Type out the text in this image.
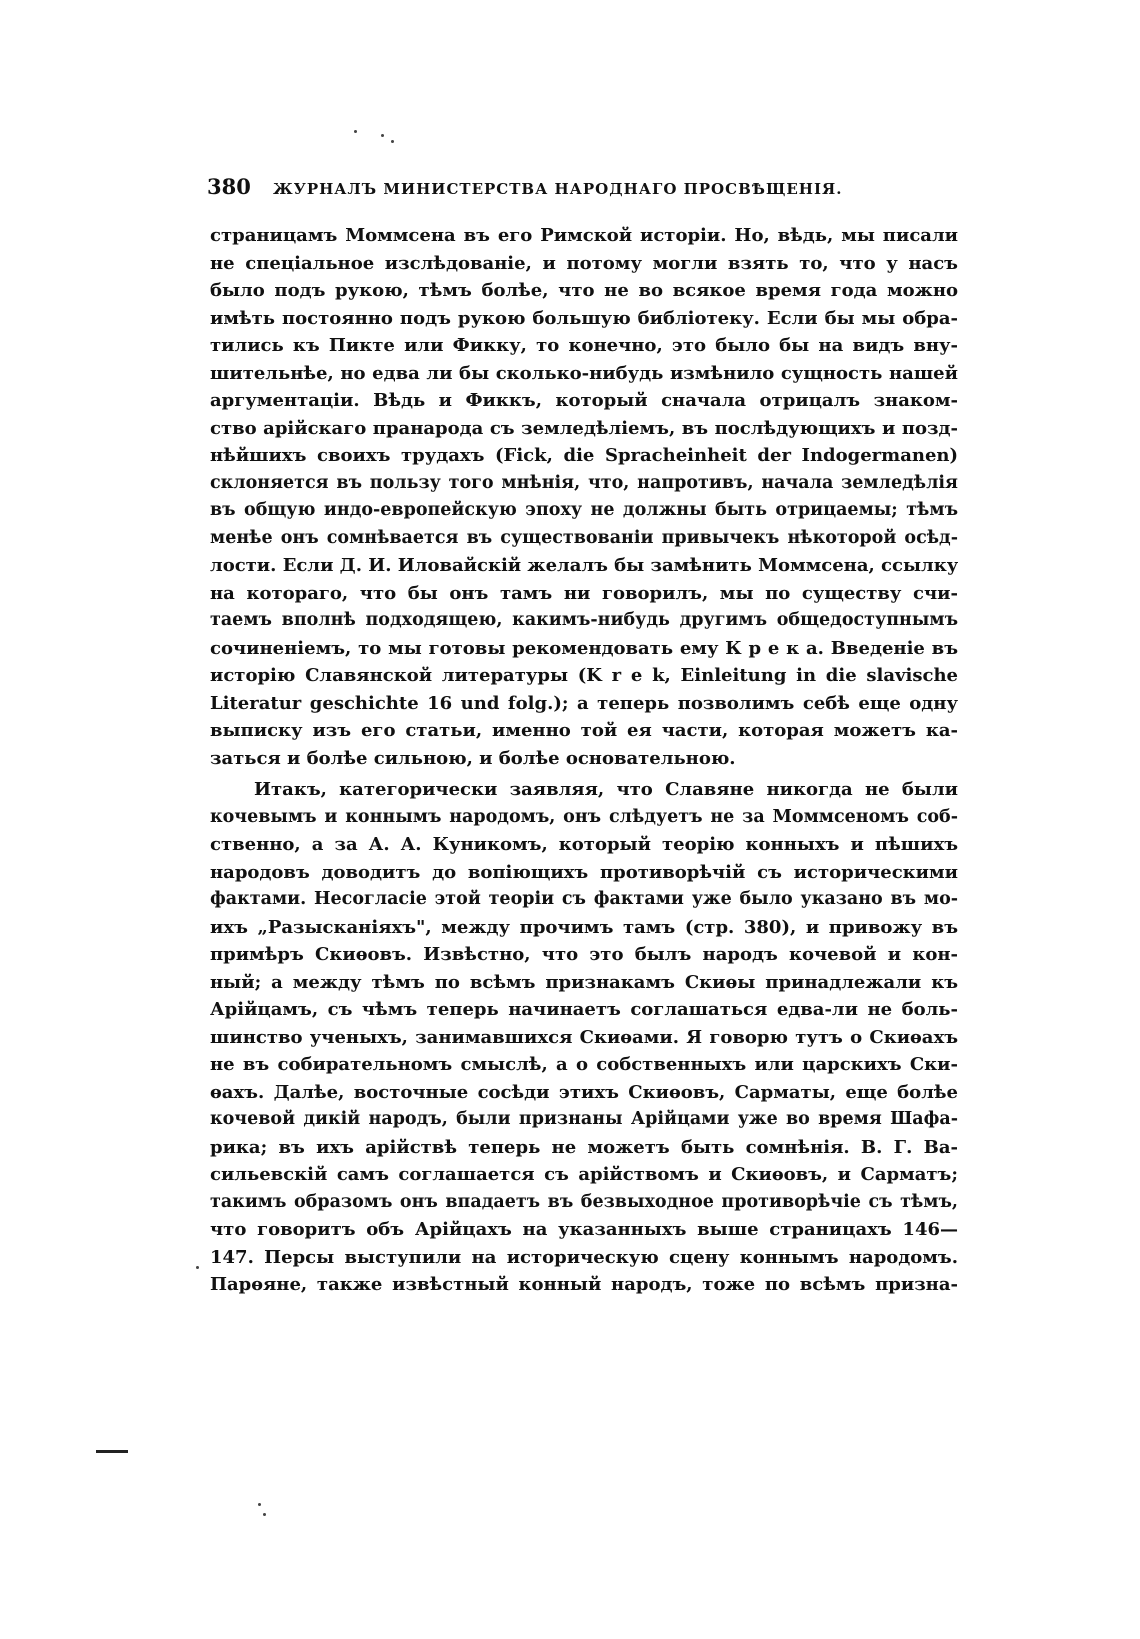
380	ЖУРНАЛЪ МИНИСТЕРСТВА НАРОДНАГО ПРОСВѢЩЕНІЯ.
страницамъ Моммсена въ его Римской исторіи. Но, вѣдь, мы писали
не спеціальное изслѣдованіе, и потому могли взять то, что у насъ
было подъ рукою, тѣмъ болѣе, что не во всякое время года можно
имѣть постоянно подъ рукою большую библіотеку. Если бы мы обра-
тились къ Пикте или Фикку, то конечно, это было бы на видъ вну-
шительнѣе, но едва ли бы сколько-нибудь измѣнило сущность нашей
аргументаціи. Вѣдь и Фиккъ, который сначала отрицалъ знаком-
ство арійскаго пранарода съ земледѣліемъ, въ послѣдующихъ и позд-
нѣйшихъ своихъ трудахъ (Fick, die Spracheinheit der Indogermanen)
склоняется въ пользу того мнѣнія, что, напротивъ, начала земледѣлія
въ общую индо-европейскую эпоху не должны быть отрицаемы; тѣмъ
менѣе онъ сомнѣвается въ существованіи привычекъ нѣкоторой осѣд-
лости. Если Д. И. Иловайскій желалъ бы замѣнить Моммсена, ссылку
на котораго, что бы онъ тамъ ни говорилъ, мы по существу счи-
таемъ вполнѣ подходящею, какимъ-нибудь другимъ общедоступнымъ
сочиненіемъ, то мы готовы рекомендовать ему К р е к а. Введеніе въ
исторію Славянской литературы (K r e k, Einleitung in die slavische
Literatur geschichte 16 und folg.); а теперь позволимъ себѣ еще одну
выписку изъ его статьи, именно той ея части, которая можетъ ка-
заться и болѣе сильною, и болѣе основательною.
Итакъ, категорически заявляя, что Славяне никогда не были
кочевымъ и коннымъ народомъ, онъ слѣдуетъ не за Моммсеномъ соб-
ственно, а за А. А. Куникомъ, который теорію конныхъ и пѣшихъ
народовъ доводитъ до вопіющихъ противорѣчій съ историческими
фактами. Несогласіе этой теоріи съ фактами уже было указано въ мо-
ихъ „Разысканіяхъ", между прочимъ тамъ (стр. 380), и привожу въ
примѣръ Скиѳовъ. Извѣстно, что это былъ народъ кочевой и кон-
ный; а между тѣмъ по всѣмъ признакамъ Скиѳы принадлежали къ
Арійцамъ, съ чѣмъ теперь начинаетъ соглашаться едва-ли не боль-
шинство ученыхъ, занимавшихся Скиѳами. Я говорю тутъ о Скиѳахъ
не въ собирательномъ смыслѣ, а о собственныхъ или царскихъ Ски-
ѳахъ. Далѣе, восточные сосѣди этихъ Скиѳовъ, Сарматы, еще болѣе
кочевой дикій народъ, были признаны Арійцами уже во время Шафа-
рика; въ ихъ арійствѣ теперь не можетъ быть сомнѣнія. В. Г. Ва-
сильевскій самъ соглашается съ арійствомъ и Скиѳовъ, и Сарматъ;
такимъ образомъ онъ впадаетъ въ безвыходное противорѣчіе съ тѣмъ,
что говоритъ объ Арійцахъ на указанныхъ выше страницахъ 146—
147. Персы выступили на историческую сцену коннымъ народомъ.
Парѳяне, также извѣстный конный народъ, тоже по всѣмъ призна-
